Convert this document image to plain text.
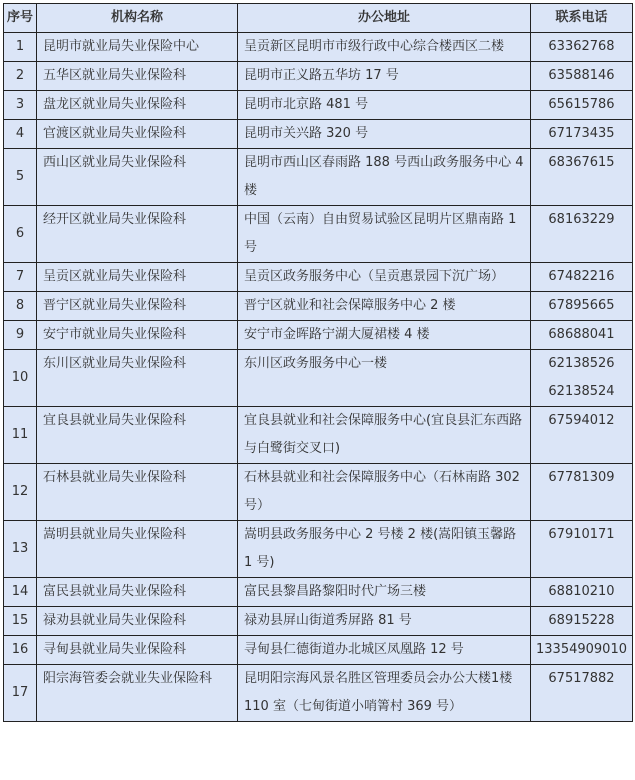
序号	机构名称	办公地址	联系电话
1	昆明市就业局失业保险中心	呈贡新区昆明市市级行政中心综合楼西区二楼	63362768

2	五华区就业局失业保险科	昆明市正义路五华坊 17 号	63588146

3	盘龙区就业局失业保险科	昆明市北京路 481 号	65615786

4	官渡区就业局失业保险科	昆明市关兴路 320 号	67173435

5	西山区就业局失业保险科	昆明市西山区春雨路 188 号西山政务服务中心 4 楼	68367615

6	经开区就业局失业保险科	中国（云南）自由贸易试验区昆明片区鼎南路 1 号	68163229

7	呈贡区就业局失业保险科	呈贡区政务服务中心（呈贡惠景园下沉广场）	67482216

8	晋宁区就业局失业保险科	晋宁区就业和社会保障服务中心 2 楼	67895665

9	安宁市就业局失业保险科	安宁市金晖路宁湖大厦裙楼 4 楼	68688041

10	东川区就业局失业保险科	东川区政务服务中心一楼	62138526
62138524

11	宜良县就业局失业保险科	宜良县就业和社会保障服务中心(宜良县汇东西路与白鹭街交叉口)	67594012

12	石林县就业局失业保险科	石林县就业和社会保障服务中心（石林南路 302 号）	67781309

13	嵩明县就业局失业保险科	嵩明县政务服务中心 2 号楼 2 楼(嵩阳镇玉馨路 1 号)	67910171

14	富民县就业局失业保险科	富民县黎昌路黎阳时代广场三楼	68810210

15	禄劝县就业局失业保险科	禄劝县屏山街道秀屏路 81 号	68915228

16	寻甸县就业局失业保险科	寻甸县仁德街道办北城区凤凰路 12 号	13354909010

17	阳宗海管委会就业失业保险科	昆明阳宗海风景名胜区管理委员会办公大楼1楼 110 室（七甸街道小哨箐村 369 号）	67517882
